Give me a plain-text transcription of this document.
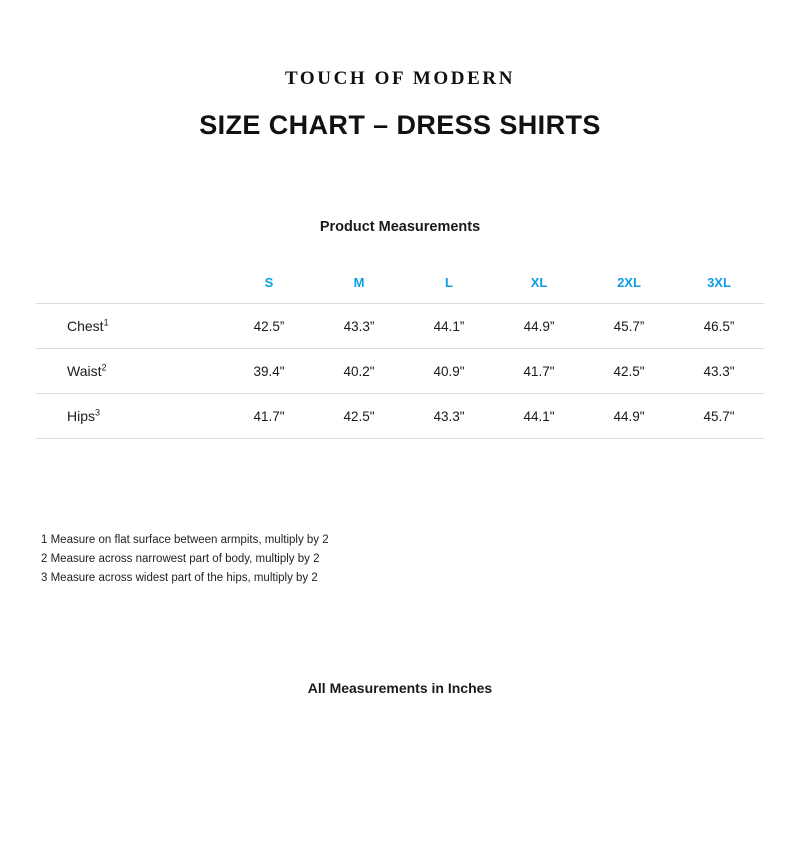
TOUCH OF MODERN
SIZE CHART – DRESS SHIRTS
Product Measurements
	S	M	L	XL	2XL	3XL
Chest$^1$	42.5”	43.3”	44.1”	44.9”	45.7”	46.5”
Waist$^2$	39.4"	40.2"	40.9"	41.7"	42.5"	43.3"
Hips$^3$	41.7"	42.5"	43.3"	44.1"	44.9"	45.7"
1 Measure on flat surface between armpits, multiply by 2
2 Measure across narrowest part of body, multiply by 2
3 Measure across widest part of the hips, multiply by 2
All Measurements in Inches
